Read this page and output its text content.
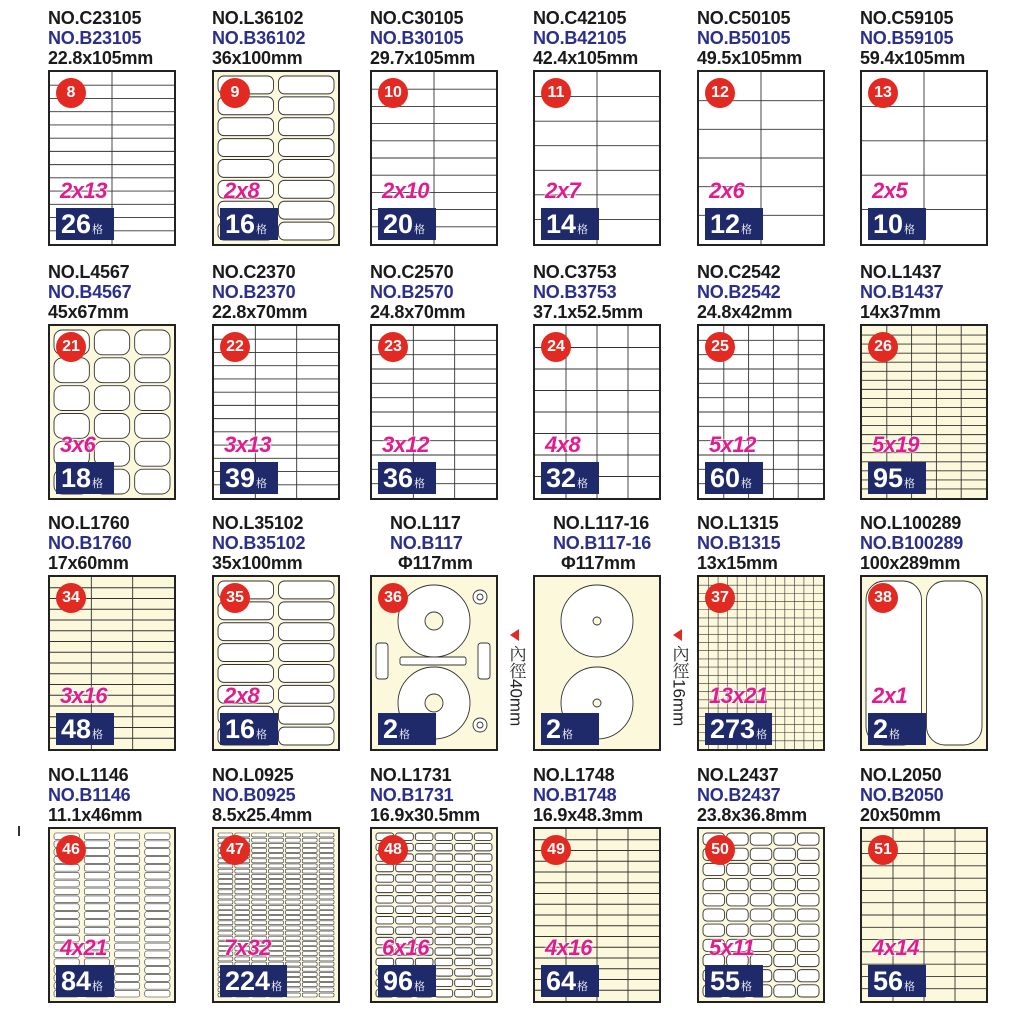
NO.C23105
NO.B23105
22.8x105mm
8
2x13
26 格
NO.L36102
NO.B36102
36x100mm
9
2x8
16 格
NO.C30105
NO.B30105
29.7x105mm
10
2x10
20 格
NO.C42105
NO.B42105
42.4x105mm
11
2x7
14 格
NO.C50105
NO.B50105
49.5x105mm
12
2x6
12 格
NO.C59105
NO.B59105
59.4x105mm
13
2x5
10 格
NO.L4567
NO.B4567
45x67mm
21
3x6
18 格
NO.C2370
NO.B2370
22.8x70mm
22
3x13
39 格
NO.C2570
NO.B2570
24.8x70mm
23
3x12
36 格
NO.C3753
NO.B3753
37.1x52.5mm
24
4x8
32 格
NO.C2542
NO.B2542
24.8x42mm
25
5x12
60 格
NO.L1437
NO.B1437
14x37mm
26
5x19
95 格
NO.L1760
NO.B1760
17x60mm
34
3x16
48 格
NO.L35102
NO.B35102
35x100mm
35
2x8
16 格
NO.L117
NO.B117
Φ117mm
36
2 格
內徑40mm
NO.L117-16
NO.B117-16
Φ117mm
2 格
內徑16mm
NO.L1315
NO.B1315
13x15mm
37
13x21
273 格
NO.L100289
NO.B100289
100x289mm
38
2x1
2 格
NO.L1146
NO.B1146
11.1x46mm
46
4x21
84 格
NO.L0925
NO.B0925
8.5x25.4mm
47
7x32
224 格
NO.L1731
NO.B1731
16.9x30.5mm
48
6x16
96 格
NO.L1748
NO.B1748
16.9x48.3mm
49
4x16
64 格
NO.L2437
NO.B2437
23.8x36.8mm
50
5x11
55 格
NO.L2050
NO.B2050
20x50mm
51
4x14
56 格
